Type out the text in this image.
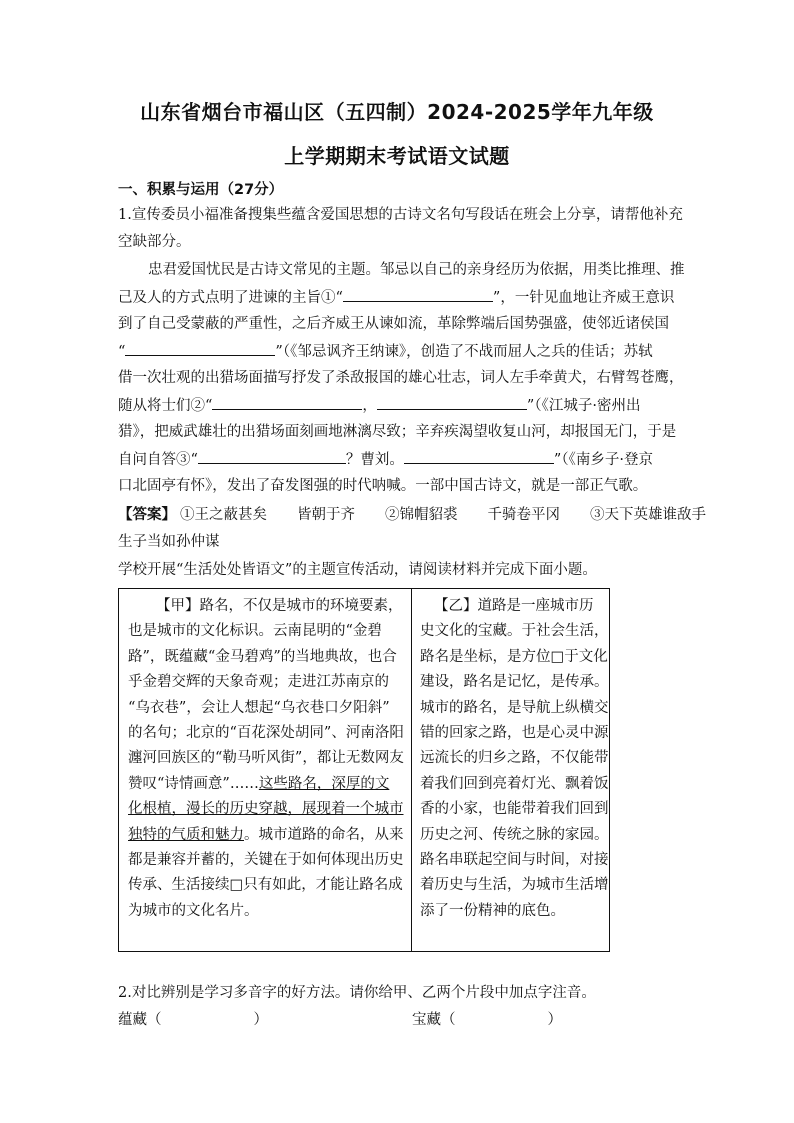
山东省烟台市福山区（五四制）2024-2025学年九年级
上学期期末考试语文试题
一、积累与运用（27分）
1.宣传委员小福准备搜集些蕴含爱国思想的古诗文名句写段话在班会上分享，请帮他补充
空缺部分。
忠君爱国忧民是古诗文常见的主题。邹忌以自己的亲身经历为依据，用类比推理、推
己及人的方式点明了进谏的主旨①“	”，一针见血地让齐威王意识
到了自己受蒙蔽的严重性，之后齐威王从谏如流，革除弊端后国势强盛，使邻近诸侯国
“	”（《邹忌讽齐王纳谏》，创造了不战而屈人之兵的佳话；苏轼
借一次壮观的出猎场面描写抒发了杀敌报国的雄心壮志，词人左手牵黄犬，右臂驾苍鹰，
随从将士们②“	，	”（《江城子·密州出
猎》，把威武雄壮的出猎场面刻画地淋漓尽致；辛弃疾渴望收复山河，却报国无门，于是
自问自答③“	？曹刘。	”（《南乡子·登京
口北固亭有怀》，发出了奋发图强的时代呐喊。一部中国古诗文，就是一部正气歌。
【答案】 ①王之蔽甚矣 皆朝于齐 ②锦帽貂裘 千骑卷平冈 ③天下英雄谁敌手
生子当如孙仲谋
学校开展“生活处处皆语文”的主题宣传活动，请阅读材料并完成下面小题。
【甲】路名，不仅是城市的环境要素，
也是城市的文化标识。云南昆明的“金碧
路”，既蕴藏“金马碧鸡”的当地典故，也合
乎金碧交辉的天象奇观；走进江苏南京的
“乌衣巷”，会让人想起“乌衣巷口夕阳斜”
的名句；北京的“百花深处胡同”、河南洛阳
瀍河回族区的“勒马听风街”，都让无数网友
赞叹“诗情画意”……这些路名，深厚的文
化根植，漫长的历史穿越，展现着一个城市
独特的气质和魅力。城市道路的命名，从来
都是兼容并蓄的，关键在于如何体现出历史
传承、生活接续□只有如此，才能让路名成
为城市的文化名片。
【乙】道路是一座城市历
史文化的宝藏。于社会生活，
路名是坐标，是方位□于文化
建设，路名是记忆，是传承。
城市的路名，是导航上纵横交
错的回家之路，也是心灵中源
远流长的归乡之路，不仅能带
着我们回到亮着灯光、飘着饭
香的小家，也能带着我们回到
历史之河、传统之脉的家园。
路名串联起空间与时间，对接
着历史与生活，为城市生活增
添了一份精神的底色。
2.对比辨别是学习多音字的好方法。请你给甲、乙两个片段中加点字注音。
蕴藏（	）	宝藏（	）
